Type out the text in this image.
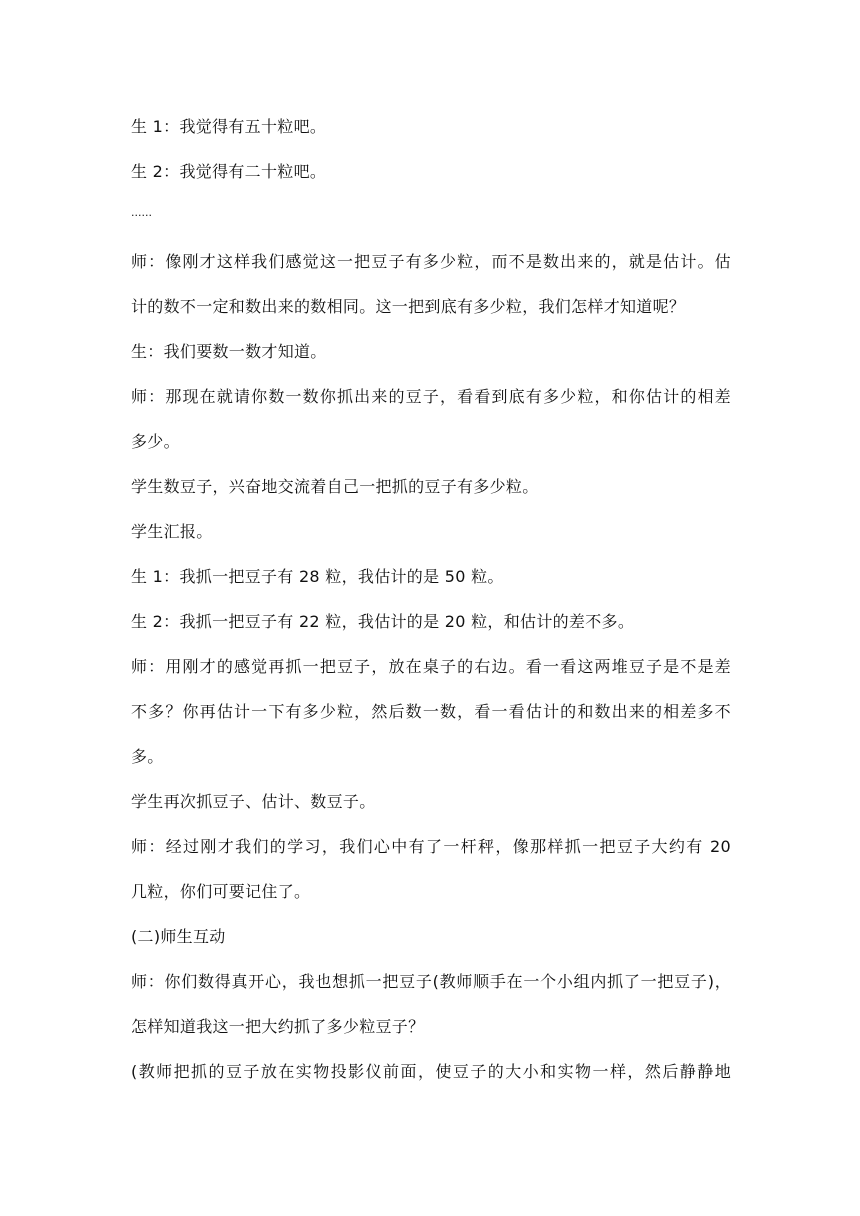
生 1：我觉得有五十粒吧。
生 2：我觉得有二十粒吧。
......
师：像刚才这样我们感觉这一把豆子有多少粒，而不是数出来的，就是估计。估
计的数不一定和数出来的数相同。这一把到底有多少粒，我们怎样才知道呢？
生：我们要数一数才知道。
师：那现在就请你数一数你抓出来的豆子，看看到底有多少粒，和你估计的相差
多少。
学生数豆子，兴奋地交流着自己一把抓的豆子有多少粒。
学生汇报。
生 1：我抓一把豆子有 28 粒，我估计的是 50 粒。
生 2：我抓一把豆子有 22 粒，我估计的是 20 粒，和估计的差不多。
师：用刚才的感觉再抓一把豆子，放在桌子的右边。看一看这两堆豆子是不是差
不多？你再估计一下有多少粒，然后数一数，看一看估计的和数出来的相差多不
多。
学生再次抓豆子、估计、数豆子。
师：经过刚才我们的学习，我们心中有了一杆秤，像那样抓一把豆子大约有 20
几粒，你们可要记住了。
(二)师生互动
师：你们数得真开心，我也想抓一把豆子(教师顺手在一个小组内抓了一把豆子)，
怎样知道我这一把大约抓了多少粒豆子？
(教师把抓的豆子放在实物投影仪前面，使豆子的大小和实物一样，然后静静地
